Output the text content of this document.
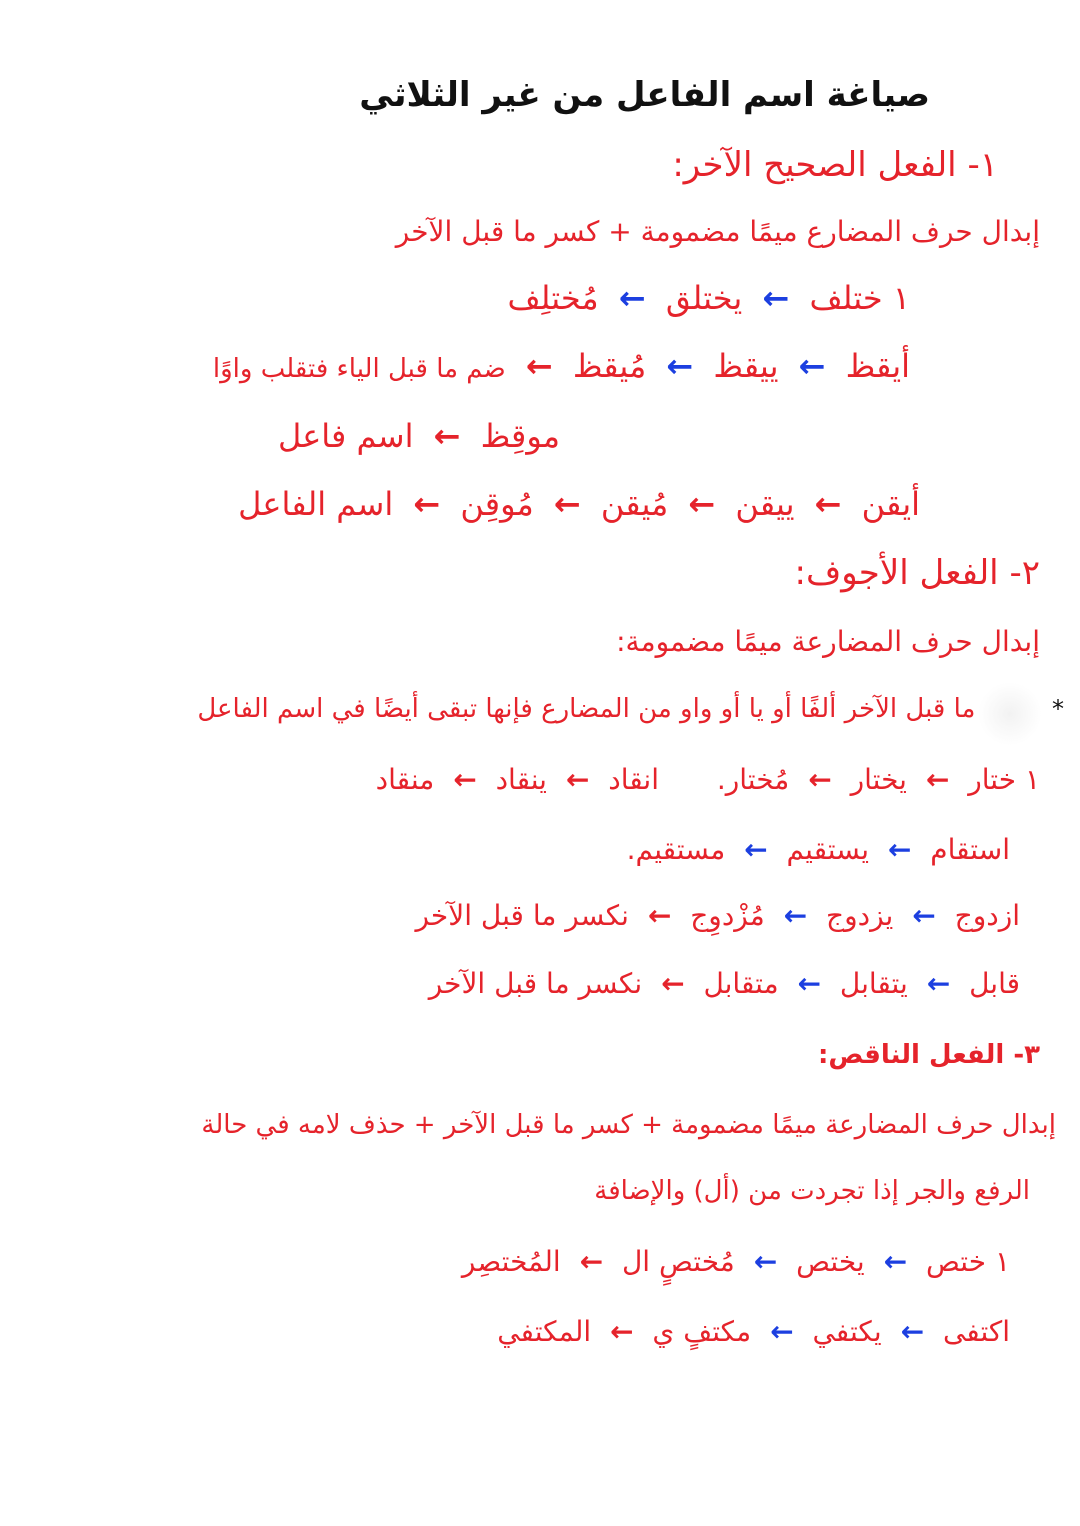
صياغة اسم الفاعل من غير الثلاثي
١- الفعل الصحيح الآخر:
إبدال حرف المضارع ميمًا مضمومة + كسر ما قبل الآخر
١ ختلف ← يختلق ← مُختلِف
أيقظ ← ييقظ ← مُيقظ ← ضم ما قبل الياء فتقلب واوًا
موقِظ ← اسم فاعل
أيقن ← ييقن ← مُيقن ← مُوقِن ← اسم الفاعل
٢- الفعل الأجوف:
إبدال حرف المضارعة ميمًا مضمومة:
*  ما قبل الآخر ألفًا أو يا أو واو من المضارع فإنها تبقى أيضًا في اسم الفاعل
١ ختار ← يختار ← مُختار.  انقاد ← ينقاد ← منقاد
استقام ← يستقيم ← مستقيم.
ازدوج ← يزدوج ← مُزْدوِج ← نكسر ما قبل الآخر
قابل ← يتقابل ← متقابل ← نكسر ما قبل الآخر
٣- الفعل الناقص:
إبدال حرف المضارعة ميمًا مضمومة + كسر ما قبل الآخر + حذف لامه في حالة
الرفع والجر إذا تجردت من (أل) والإضافة
١ ختص ← يختص ← مُختصٍ ال ← المُختصِر
اكتفى ← يكتفي ← مكتفٍ ي ← المكتفي
